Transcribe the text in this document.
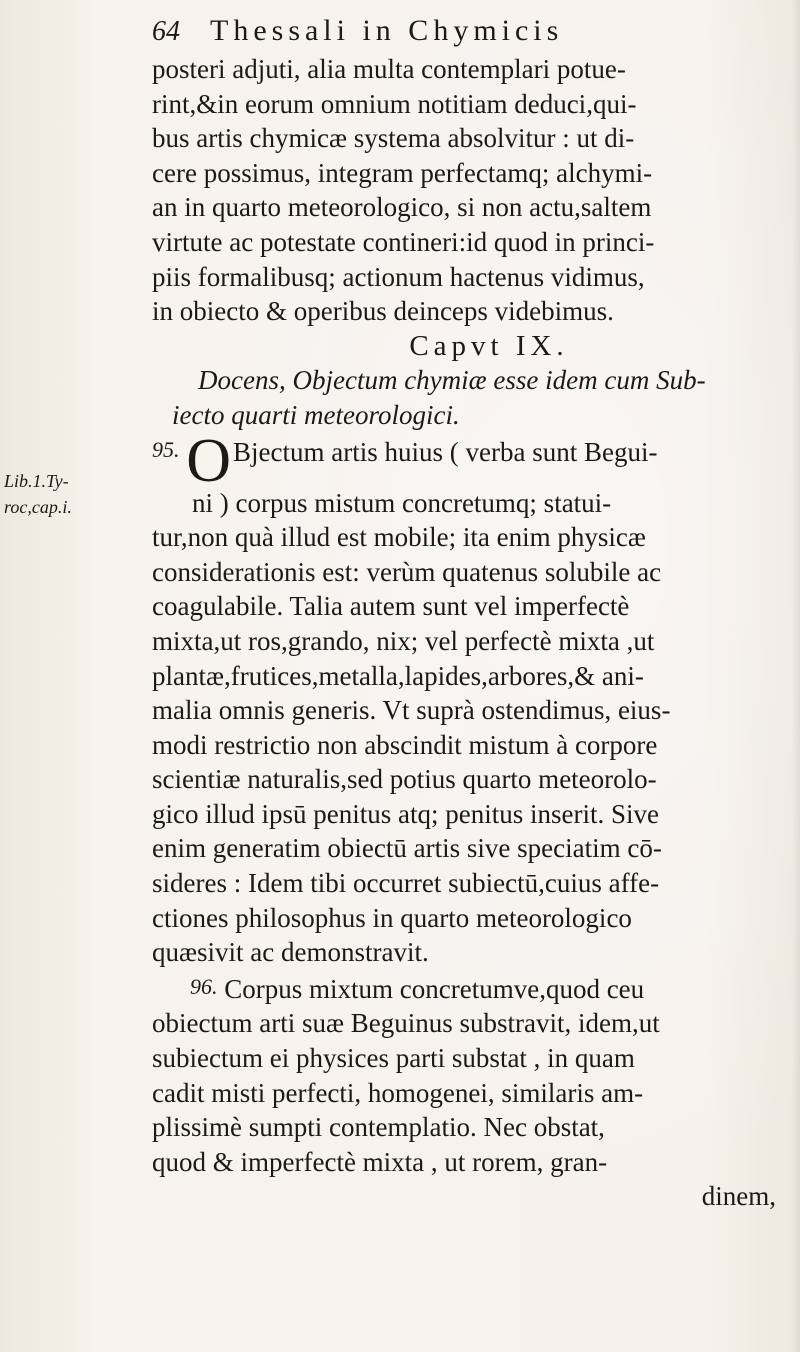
64 Thessali in Chymicis
Lib.1.Ty-
roc,cap.i.
posteri adjuti, alia multa contemplari potue-
rint,&in eorum omnium notitiam deduci,qui-
bus artis chymicæ systema absolvitur : ut di-
cere possimus, integram perfectamq; alchymi-
an in quarto meteorologico, si non actu,saltem
virtute ac potestate contineri:id quod in princi-
piis formalibusq; actionum hactenus vidimus,
in obiecto & operibus deinceps videbimus.
Capvt IX.
Docens, Objectum chymiæ esse idem cum Sub-
iecto quarti meteorologici.
95. OBjectum artis huius ( verba sunt Begui-
ni ) corpus mistum concretumq; statui-
tur,non quà illud est mobile; ita enim physicæ
considerationis est: verùm quatenus solubile ac
coagulabile. Talia autem sunt vel imperfectè
mixta,ut ros,grando, nix; vel perfectè mixta ,ut
plantæ,frutices,metalla,lapides,arbores,& ani-
malia omnis generis. Vt suprà ostendimus, eius-
modi restrictio non abscindit mistum à corpore
scientiæ naturalis,sed potius quarto meteorolo-
gico illud ipsū penitus atq; penitus inserit. Sive
enim generatim obiectū artis sive speciatim cō-
sideres : Idem tibi occurret subiectū,cuius affe-
ctiones philosophus in quarto meteorologico
quæsivit ac demonstravit.
96. Corpus mixtum concretumve,quod ceu
obiectum arti suæ Beguinus substravit, idem,ut
subiectum ei physices parti substat , in quam
cadit misti perfecti, homogenei, similaris am-
plissimè sumpti contemplatio. Nec obstat,
quod & imperfectè mixta , ut rorem, gran-
dinem,
